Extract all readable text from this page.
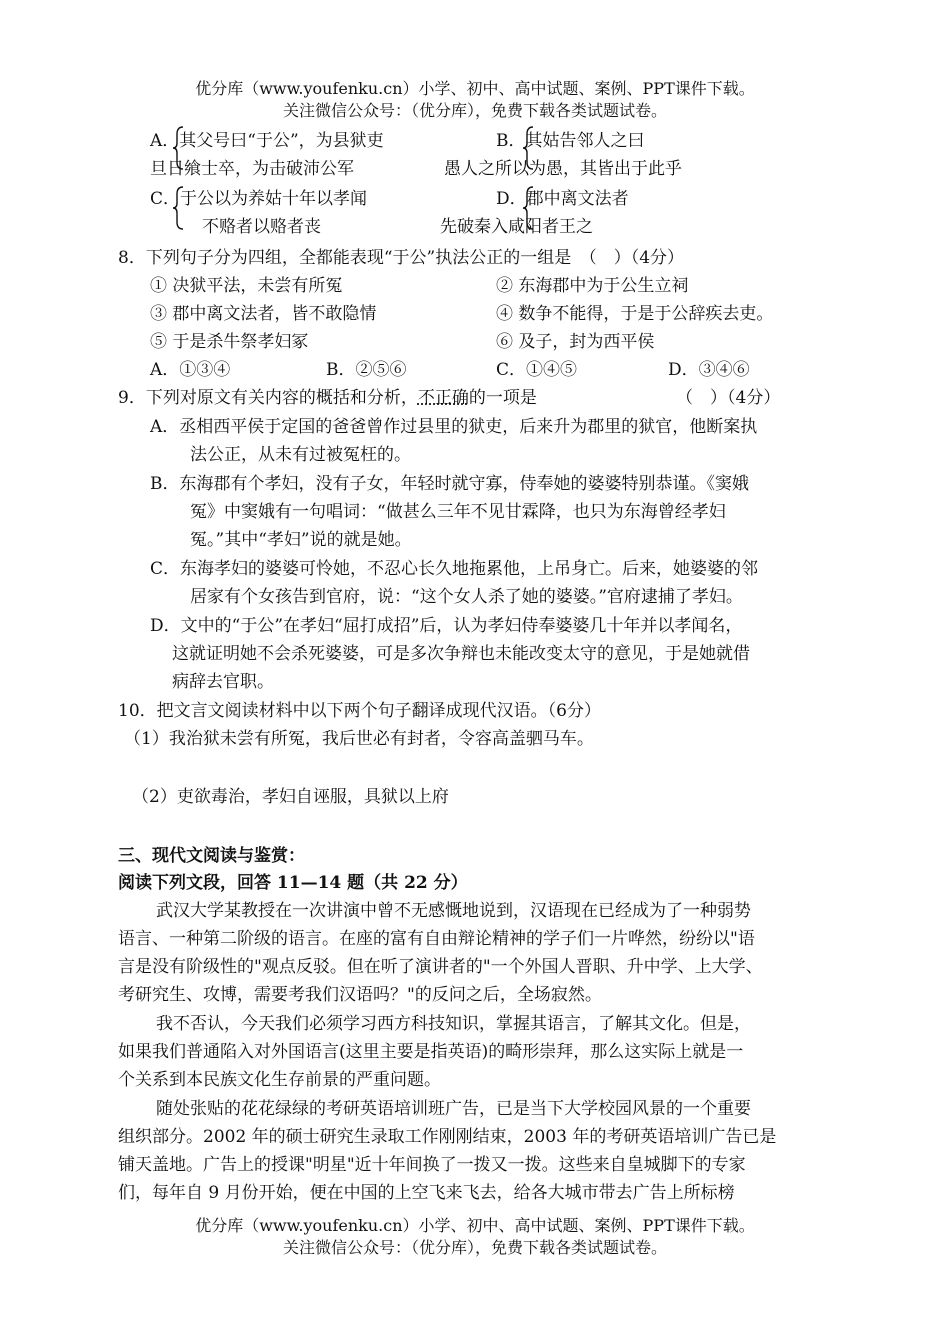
优分库（www.youfenku.cn）小学、初中、高中试题、案例、PPT课件下载。
关注微信公众号：（优分库），免费下载各类试题试卷。
A．其父号曰“于公”，为县狱吏
旦日飨士卒，为击破沛公军
B．其姑告邻人之曰
愚人之所以为愚，其皆出于此乎
C．于公以为养姑十年以孝闻
不赂者以赂者丧
D．郡中离文法者
先破秦入咸阳者王之
8．下列句子分为四组，全都能表现“于公”执法公正的一组是　（　）（4分）
① 决狱平法，未尝有所冤	② 东海郡中为于公生立祠
③ 郡中离文法者，皆不敢隐情	④ 数争不能得，于是于公辞疾去吏。
⑤ 于是杀牛祭孝妇冢	⑥ 及子，封为西平侯
A．①③④	B．②⑤⑥	C．①④⑤	D．③④⑥
9．下列对原文有关内容的概括和分析，不正确的一项是	（　）（4分）
A．丞相西平侯于定国的爸爸曾作过县里的狱吏，后来升为郡里的狱官，他断案执
法公正，从未有过被冤枉的。
B．东海郡有个孝妇，没有子女，年轻时就守寡，侍奉她的婆婆特别恭谨。《窦娥
冤》中窦娥有一句唱词：“做甚么三年不见甘霖降，也只为东海曾经孝妇
冤。”其中“孝妇”说的就是她。
C．东海孝妇的婆婆可怜她，不忍心长久地拖累他，上吊身亡。后来，她婆婆的邻
居家有个女孩告到官府，说：“这个女人杀了她的婆婆。”官府逮捕了孝妇。
D．文中的“于公”在孝妇“屈打成招”后，认为孝妇侍奉婆婆几十年并以孝闻名，
这就证明她不会杀死婆婆，可是多次争辩也未能改变太守的意见，于是她就借
病辞去官职。
10．把文言文阅读材料中以下两个句子翻译成现代汉语。（6分）
（1）我治狱未尝有所冤，我后世必有封者，令容高盖驷马车。
（2）吏欲毒治，孝妇自诬服，具狱以上府
三、现代文阅读与鉴赏：
阅读下列文段，回答 11—14 题（共 22 分）
武汉大学某教授在一次讲演中曾不无感慨地说到，汉语现在已经成为了一种弱势
语言、一种第二阶级的语言。在座的富有自由辩论精神的学子们一片哗然，纷纷以"语
言是没有阶级性的"观点反驳。但在听了演讲者的"一个外国人晋职、升中学、上大学、
考研究生、攻博，需要考我们汉语吗？"的反问之后，全场寂然。
我不否认，今天我们必须学习西方科技知识，掌握其语言，了解其文化。但是，
如果我们普通陷入对外国语言(这里主要是指英语)的畸形崇拜，那么这实际上就是一
个关系到本民族文化生存前景的严重问题。
随处张贴的花花绿绿的考研英语培训班广告，已是当下大学校园风景的一个重要
组织部分。2002 年的硕士研究生录取工作刚刚结束，2003 年的考研英语培训广告已是
铺天盖地。广告上的授课"明星"近十年间换了一拨又一拨。这些来自皇城脚下的专家
们，每年自 9 月份开始，便在中国的上空飞来飞去，给各大城市带去广告上所标榜
优分库（www.youfenku.cn）小学、初中、高中试题、案例、PPT课件下载。
关注微信公众号：（优分库），免费下载各类试题试卷。
